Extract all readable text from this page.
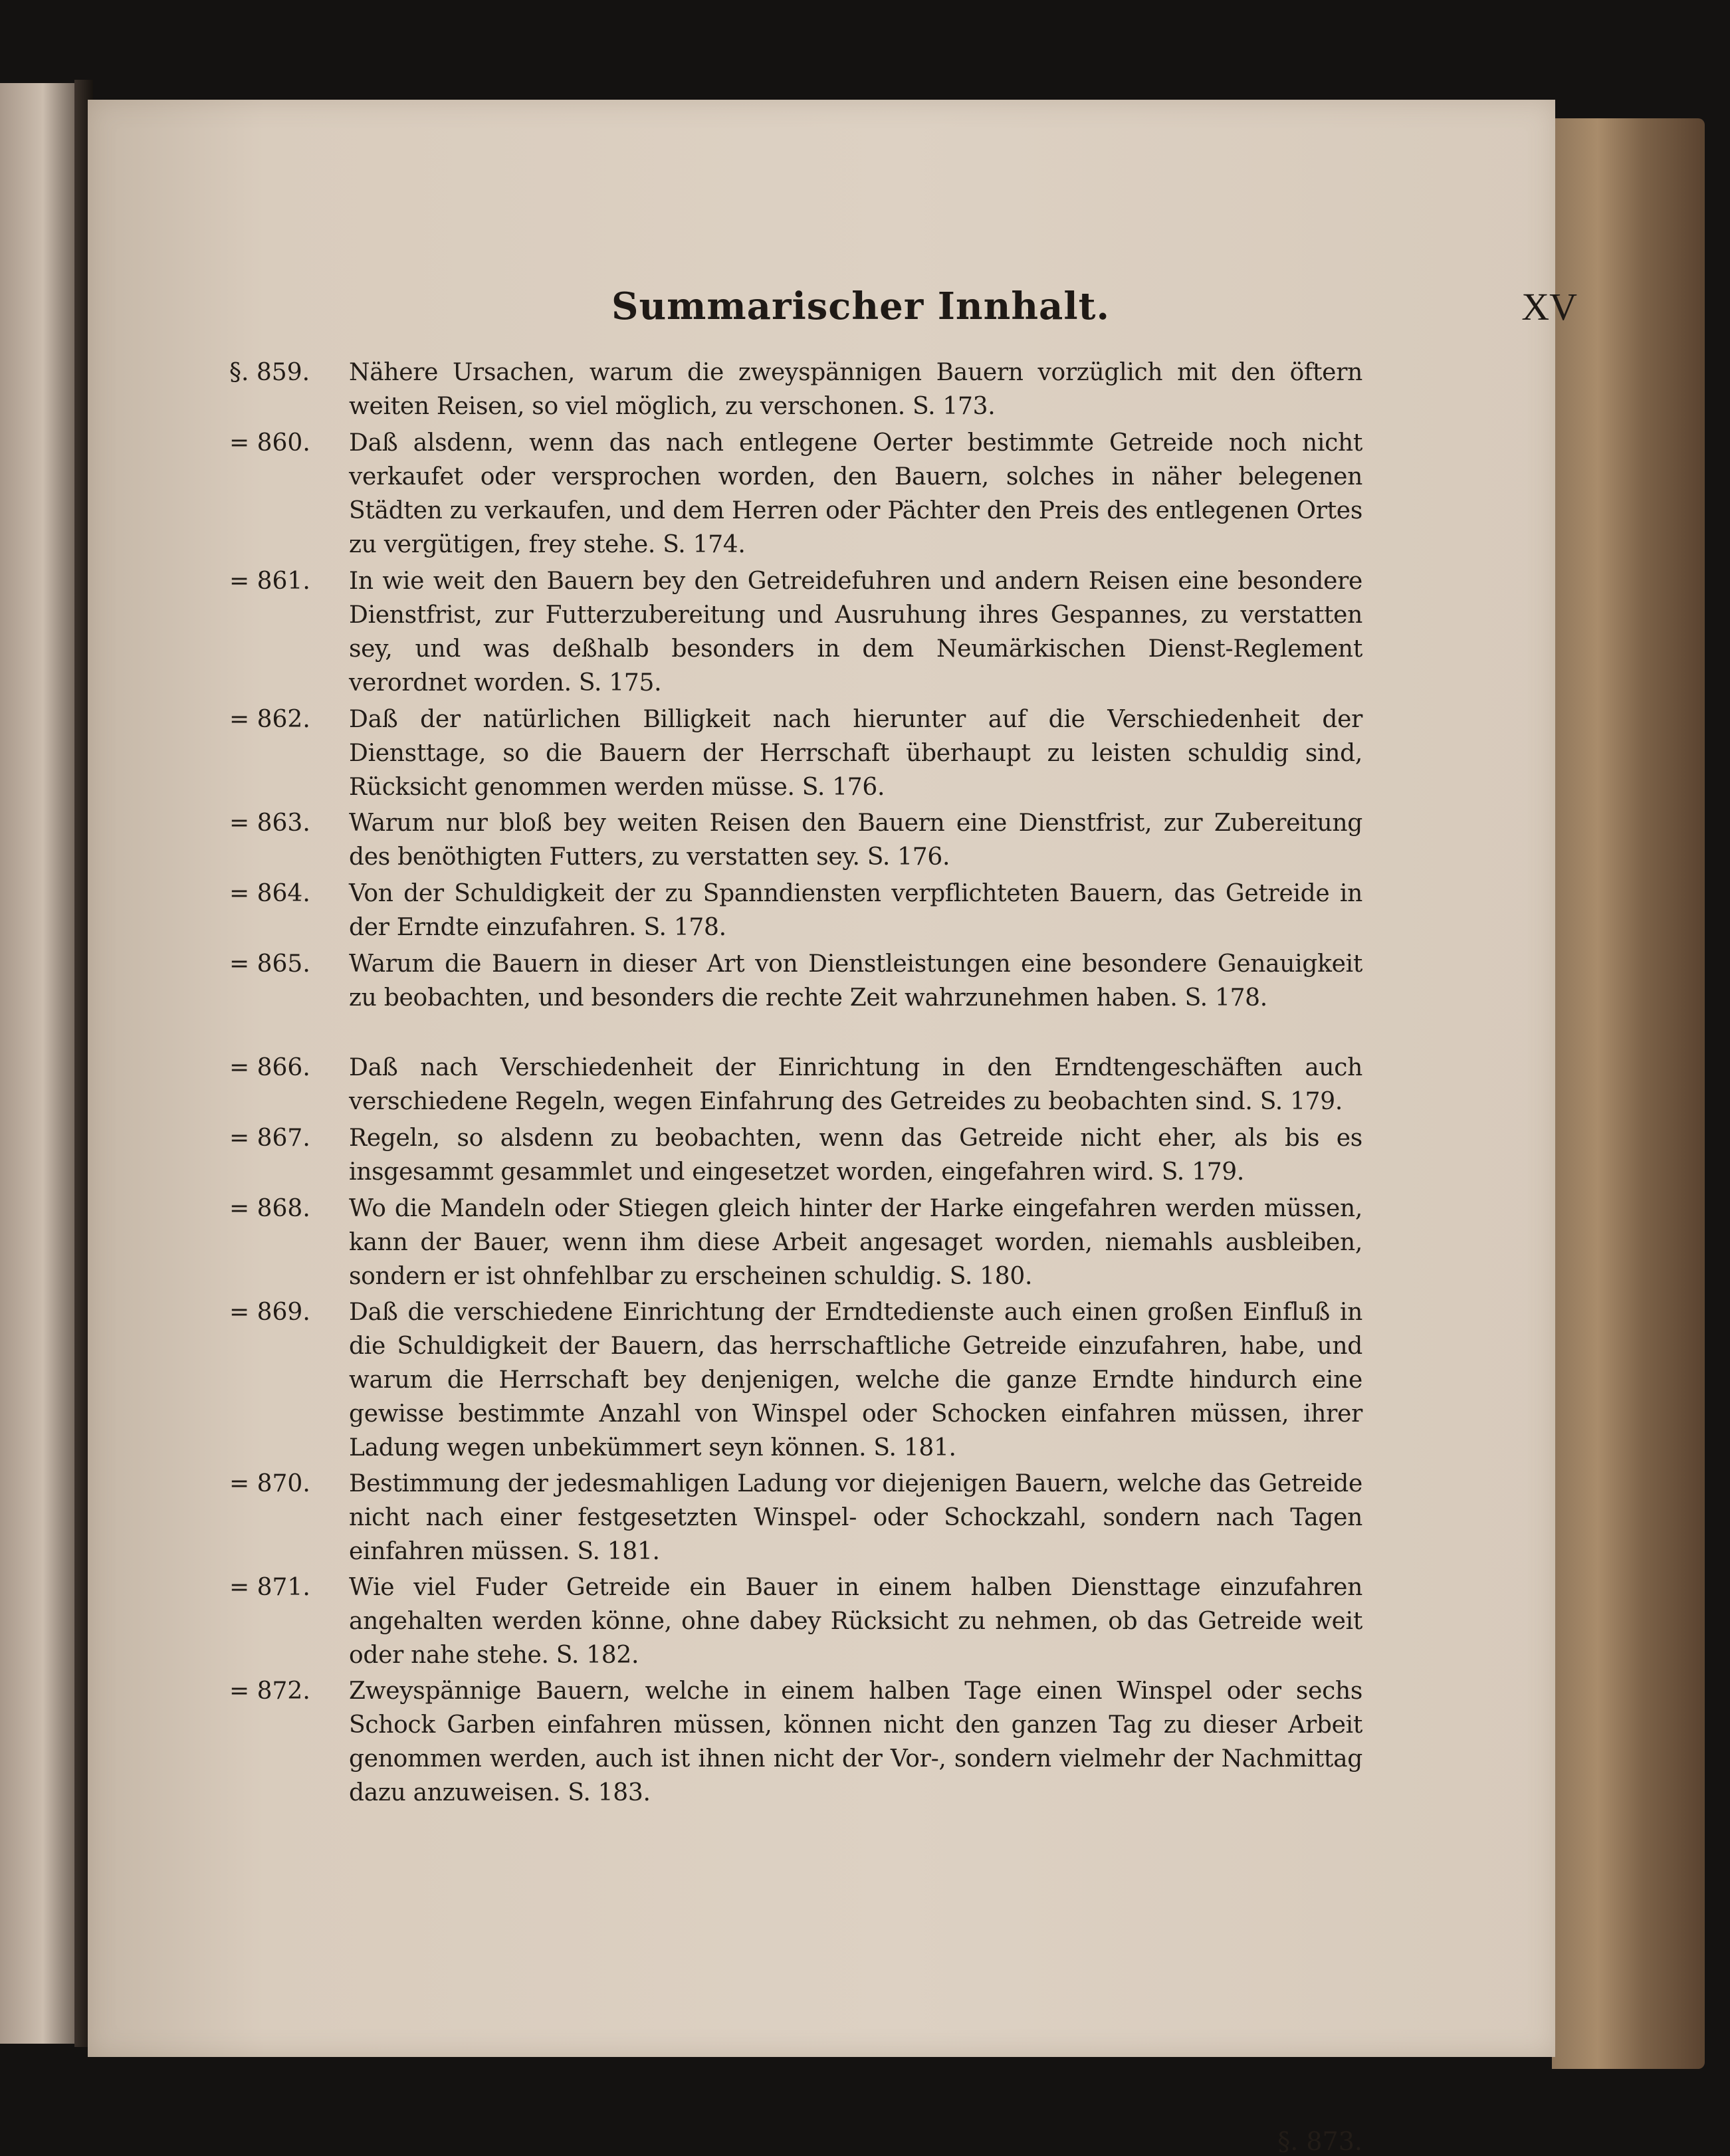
Summarischer Innhalt.	XV
§. 859.	Nähere Ursachen, warum die zweyspännigen Bauern vorzüglich mit den öftern weiten Reisen, so viel möglich, zu verschonen. S. 173.
= 860.	Daß alsdenn, wenn das nach entlegene Oerter bestimmte Getreide noch nicht verkaufet oder versprochen worden, den Bauern, solches in näher belegenen Städten zu verkaufen, und dem Herren oder Pächter den Preis des entlegenen Ortes zu vergütigen, frey stehe. S. 174.
= 861.	In wie weit den Bauern bey den Getreidefuhren und andern Reisen eine besondere Dienstfrist, zur Futterzubereitung und Ausruhung ihres Gespannes, zu verstatten sey, und was deßhalb besonders in dem Neumärkischen Dienst-Reglement verordnet worden. S. 175.
= 862.	Daß der natürlichen Billigkeit nach hierunter auf die Verschiedenheit der Diensttage, so die Bauern der Herrschaft überhaupt zu leisten schuldig sind, Rücksicht genommen werden müsse. S. 176.
= 863.	Warum nur bloß bey weiten Reisen den Bauern eine Dienstfrist, zur Zubereitung des benöthigten Futters, zu verstatten sey. S. 176.
= 864.	Von der Schuldigkeit der zu Spanndiensten verpflichteten Bauern, das Getreide in der Erndte einzufahren. S. 178.
= 865.	Warum die Bauern in dieser Art von Dienstleistungen eine besondere Genauigkeit zu beobachten, und besonders die rechte Zeit wahrzunehmen haben. S. 178.
= 866.	Daß nach Verschiedenheit der Einrichtung in den Erndtengeschäften auch verschiedene Regeln, wegen Einfahrung des Getreides zu beobachten sind. S. 179.
= 867.	Regeln, so alsdenn zu beobachten, wenn das Getreide nicht eher, als bis es insgesammt gesammlet und eingesetzet worden, eingefahren wird. S. 179.
= 868.	Wo die Mandeln oder Stiegen gleich hinter der Harke eingefahren werden müssen, kann der Bauer, wenn ihm diese Arbeit angesaget worden, niemahls ausbleiben, sondern er ist ohnfehlbar zu erscheinen schuldig. S. 180.
= 869.	Daß die verschiedene Einrichtung der Erndtedienste auch einen großen Einfluß in die Schuldigkeit der Bauern, das herrschaftliche Getreide einzufahren, habe, und warum die Herrschaft bey denjenigen, welche die ganze Erndte hindurch eine gewisse bestimmte Anzahl von Winspel oder Schocken einfahren müssen, ihrer Ladung wegen unbekümmert seyn können. S. 181.
= 870.	Bestimmung der jedesmahligen Ladung vor diejenigen Bauern, welche das Getreide nicht nach einer festgesetzten Winspel- oder Schockzahl, sondern nach Tagen einfahren müssen. S. 181.
= 871.	Wie viel Fuder Getreide ein Bauer in einem halben Diensttage einzufahren angehalten werden könne, ohne dabey Rücksicht zu nehmen, ob das Getreide weit oder nahe stehe. S. 182.
= 872.	Zweyspännige Bauern, welche in einem halben Tage einen Winspel oder sechs Schock Garben einfahren müssen, können nicht den ganzen Tag zu dieser Arbeit genommen werden, auch ist ihnen nicht der Vor-, sondern vielmehr der Nachmittag dazu anzuweisen. S. 183.
§. 873.
